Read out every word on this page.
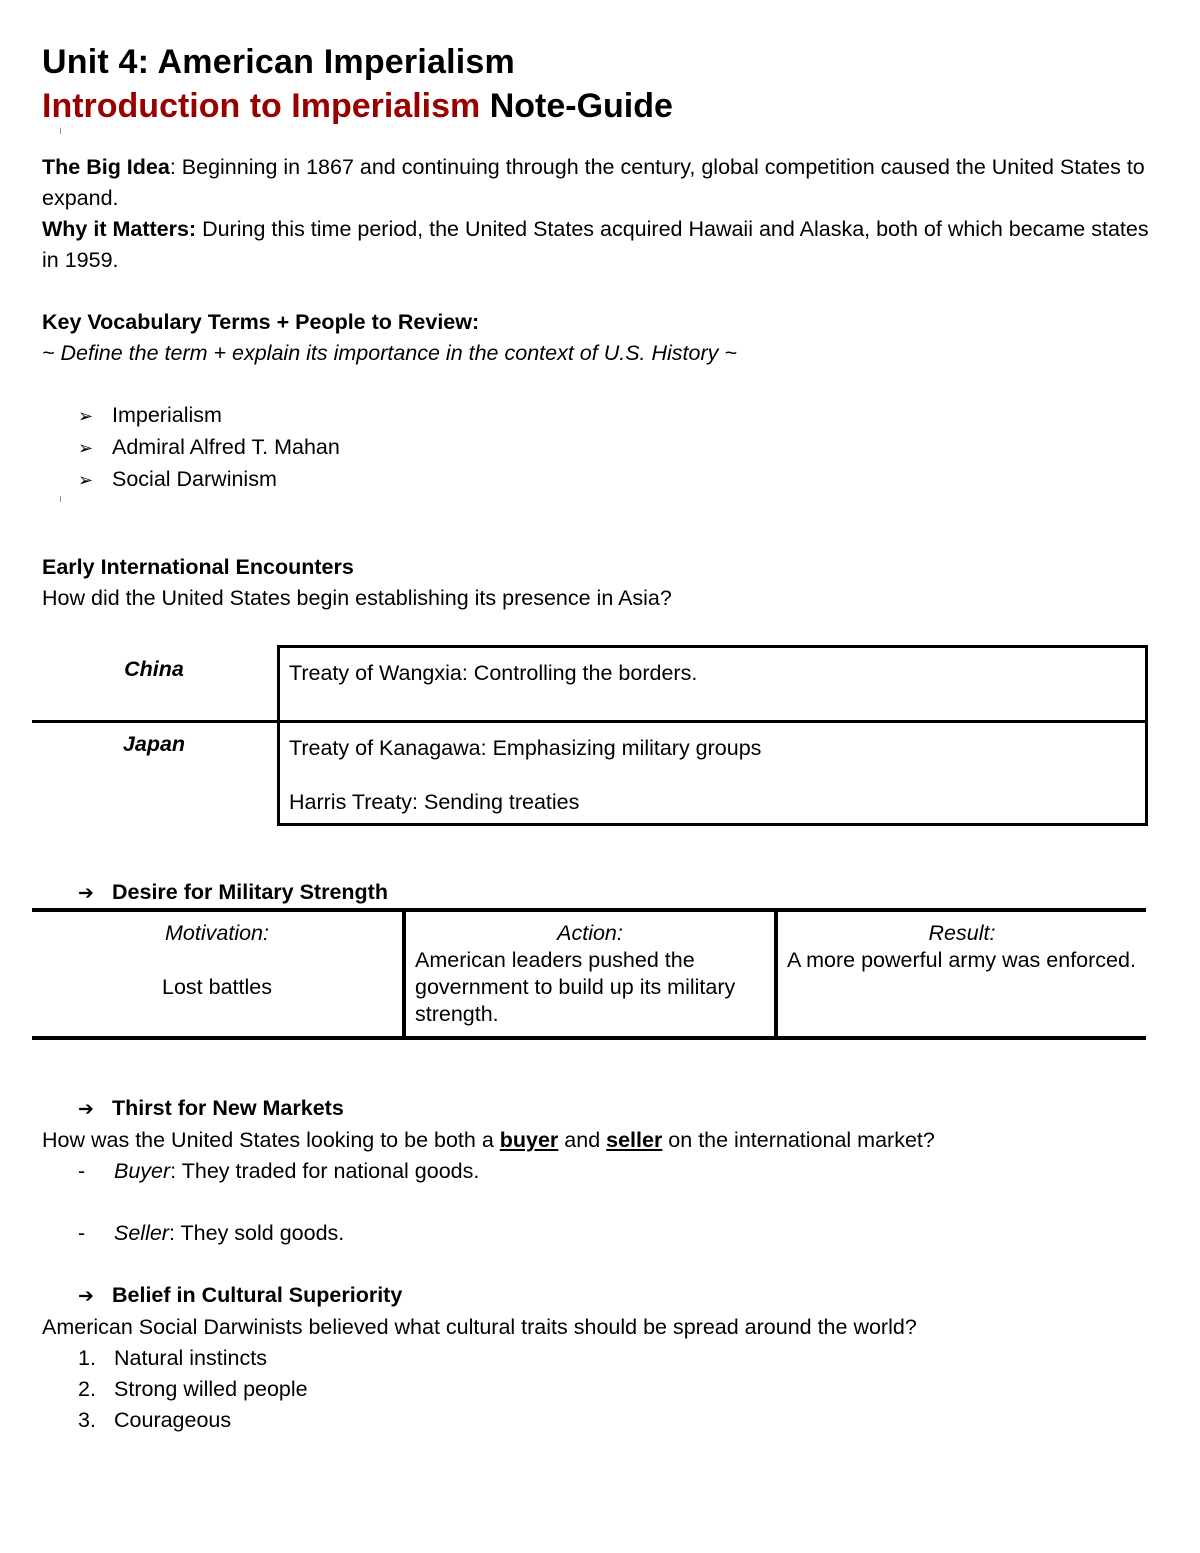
Unit 4: American Imperialism
Introduction to Imperialism Note-Guide

The Big Idea: Beginning in 1867 and continuing through the century, global competition caused the United States to expand.

Why it Matters: During this time period, the United States acquired Hawaii and Alaska, both of which became states in 1959.

Key Vocabulary Terms + People to Review:

~ Define the term + explain its importance in the context of U.S. History ~

➢ Imperialism
➢ Admiral Alfred T. Mahan
➢ Social Darwinism

Early International Encounters

How did the United States begin establishing its presence in Asia?

China	Treaty of Wangxia: Controlling the borders.
Japan	Treaty of Kanagawa: Emphasizing military groups
Harris Treaty: Sending treaties

➔ Desire for Military Strength

Motivation:
Lost battles
Action:
American leaders pushed the government to build up its military strength.
Result:
A more powerful army was enforced.

➔ Thirst for New Markets

How was the United States looking to be both a buyer and seller on the international market?

- Buyer: They traded for national goods.
- Seller: They sold goods.

➔ Belief in Cultural Superiority

American Social Darwinists believed what cultural traits should be spread around the world?

1. Natural instincts
2. Strong willed people
3. Courageous
